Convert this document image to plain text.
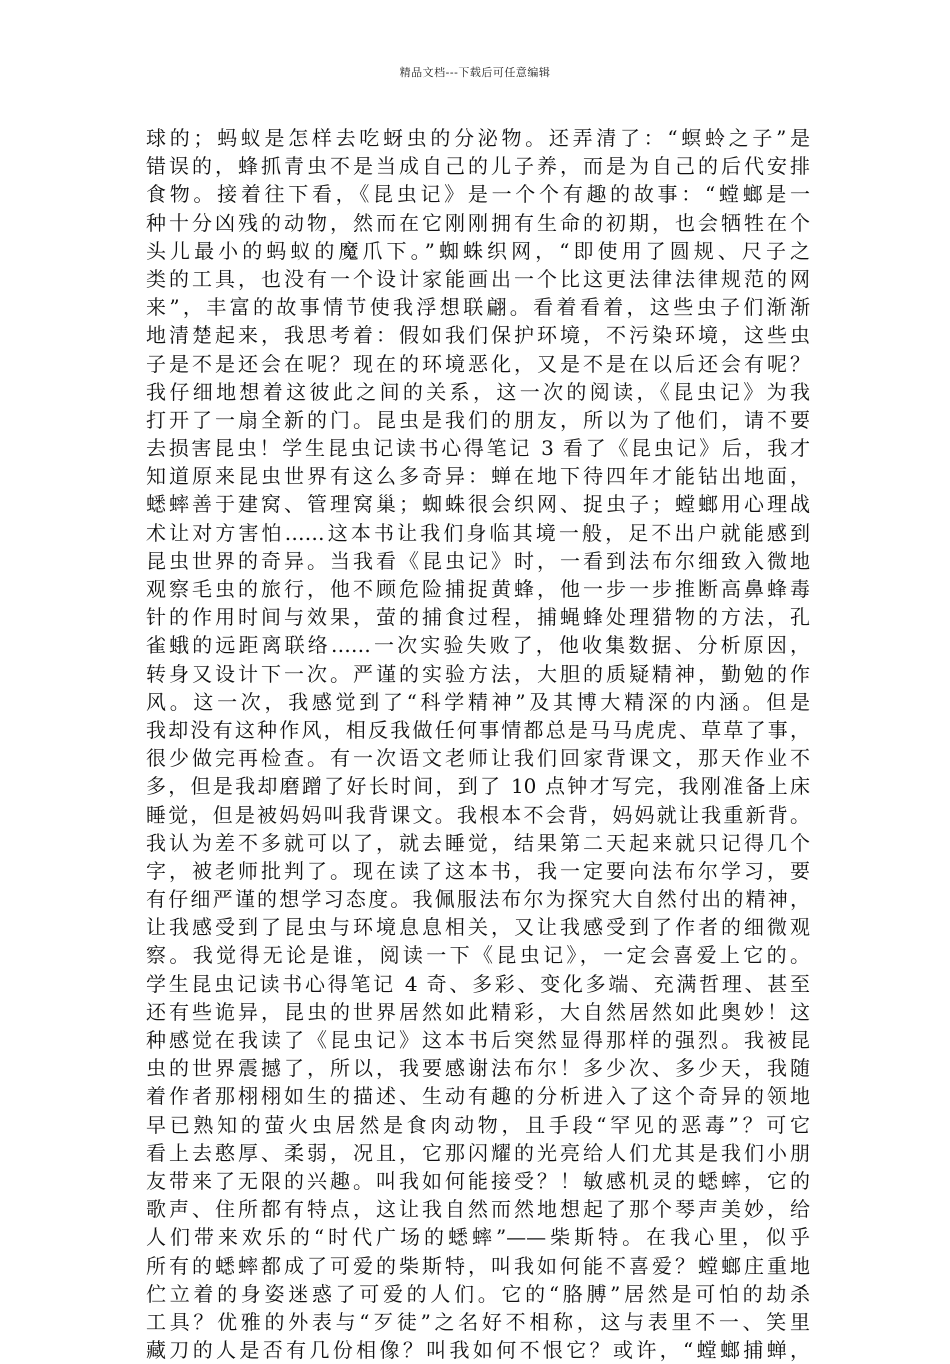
精品文档---下载后可任意编辑
球的；蚂蚁是怎样去吃蚜虫的分泌物。还弄清了：“螟蛉之子”是
错误的，蜂抓青虫不是当成自己的儿子养，而是为自己的后代安排
食物。接着往下看，《昆虫记》是一个个有趣的故事：“螳螂是一
种十分凶残的动物，然而在它刚刚拥有生命的初期，也会牺牲在个
头儿最小的蚂蚁的魔爪下。”蜘蛛织网，“即使用了圆规、尺子之
类的工具，也没有一个设计家能画出一个比这更法律法律规范的网
来”，丰富的故事情节使我浮想联翩。看着看着，这些虫子们渐渐
地清楚起来，我思考着：假如我们保护环境，不污染环境，这些虫
子是不是还会在呢？现在的环境恶化，又是不是在以后还会有呢？
我仔细地想着这彼此之间的关系，这一次的阅读，《昆虫记》为我
打开了一扇全新的门。昆虫是我们的朋友，所以为了他们，请不要
去损害昆虫！学生昆虫记读书心得笔记 3 看了《昆虫记》后，我才
知道原来昆虫世界有这么多奇异：蝉在地下待四年才能钻出地面，
蟋蟀善于建窝、管理窝巢；蜘蛛很会织网、捉虫子；螳螂用心理战
术让对方害怕……这本书让我们身临其境一般，足不出户就能感到
昆虫世界的奇异。当我看《昆虫记》时，一看到法布尔细致入微地
观察毛虫的旅行，他不顾危险捕捉黄蜂，他一步一步推断高鼻蜂毒
针的作用时间与效果，萤的捕食过程，捕蝇蜂处理猎物的方法，孔
雀蛾的远距离联络……一次实验失败了，他收集数据、分析原因，
转身又设计下一次。严谨的实验方法，大胆的质疑精神，勤勉的作
风。这一次，我感觉到了“科学精神”及其博大精深的内涵。但是
我却没有这种作风，相反我做任何事情都总是马马虎虎、草草了事，
很少做完再检查。有一次语文老师让我们回家背课文，那天作业不
多，但是我却磨蹭了好长时间，到了 10 点钟才写完，我刚准备上床
睡觉，但是被妈妈叫我背课文。我根本不会背，妈妈就让我重新背。
我认为差不多就可以了，就去睡觉，结果第二天起来就只记得几个
字，被老师批判了。现在读了这本书，我一定要向法布尔学习，要
有仔细严谨的想学习态度。我佩服法布尔为探究大自然付出的精神，
让我感受到了昆虫与环境息息相关，又让我感受到了作者的细微观
察。我觉得无论是谁，阅读一下《昆虫记》，一定会喜爱上它的。
学生昆虫记读书心得笔记 4 奇、多彩、变化多端、充满哲理、甚至
还有些诡异，昆虫的世界居然如此精彩，大自然居然如此奥妙！这
种感觉在我读了《昆虫记》这本书后突然显得那样的强烈。我被昆
虫的世界震撼了，所以，我要感谢法布尔！多少次、多少天，我随
着作者那栩栩如生的描述、生动有趣的分析进入了这个奇异的领地
早已熟知的萤火虫居然是食肉动物，且手段“罕见的恶毒”？可它
看上去憨厚、柔弱，况且，它那闪耀的光亮给人们尤其是我们小朋
友带来了无限的兴趣。叫我如何能接受？！敏感机灵的蟋蟀，它的
歌声、住所都有特点，这让我自然而然地想起了那个琴声美妙，给
人们带来欢乐的“时代广场的蟋蟀”——柴斯特。在我心里，似乎
所有的蟋蟀都成了可爱的柴斯特，叫我如何能不喜爱？螳螂庄重地
伫立着的身姿迷惑了可爱的人们。它的“胳膊”居然是可怕的劫杀
工具？优雅的外表与“歹徒”之名好不相称，这与表里不一、笑里
藏刀的人是否有几份相像？叫我如何不恨它？或许，“螳螂捕蝉，
